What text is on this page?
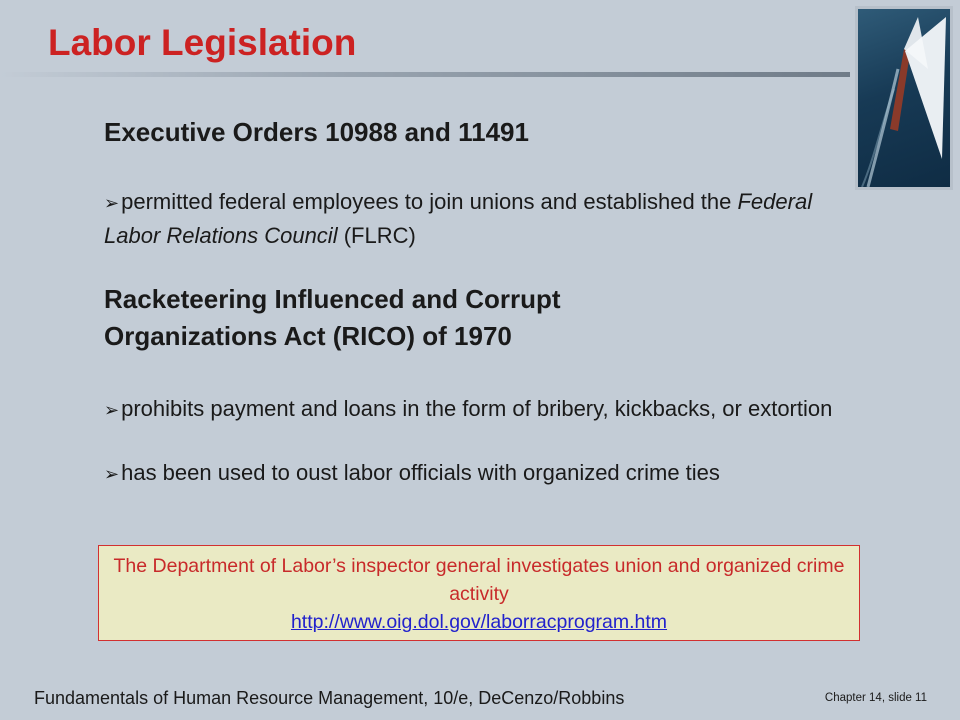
Labor Legislation
Executive Orders 10988 and 11491
➢permitted federal employees to join unions and established the Federal Labor Relations Council (FLRC)
Racketeering Influenced and Corrupt
Organizations Act (RICO) of 1970
➢prohibits payment and loans in the form of bribery, kickbacks, or extortion
➢has been used to oust labor officials with organized crime ties
The Department of Labor’s inspector general investigates union and organized crime activity
http://www.oig.dol.gov/laborracprogram.htm
Fundamentals of Human Resource Management, 10/e, DeCenzo/Robbins	Chapter 14, slide 11
